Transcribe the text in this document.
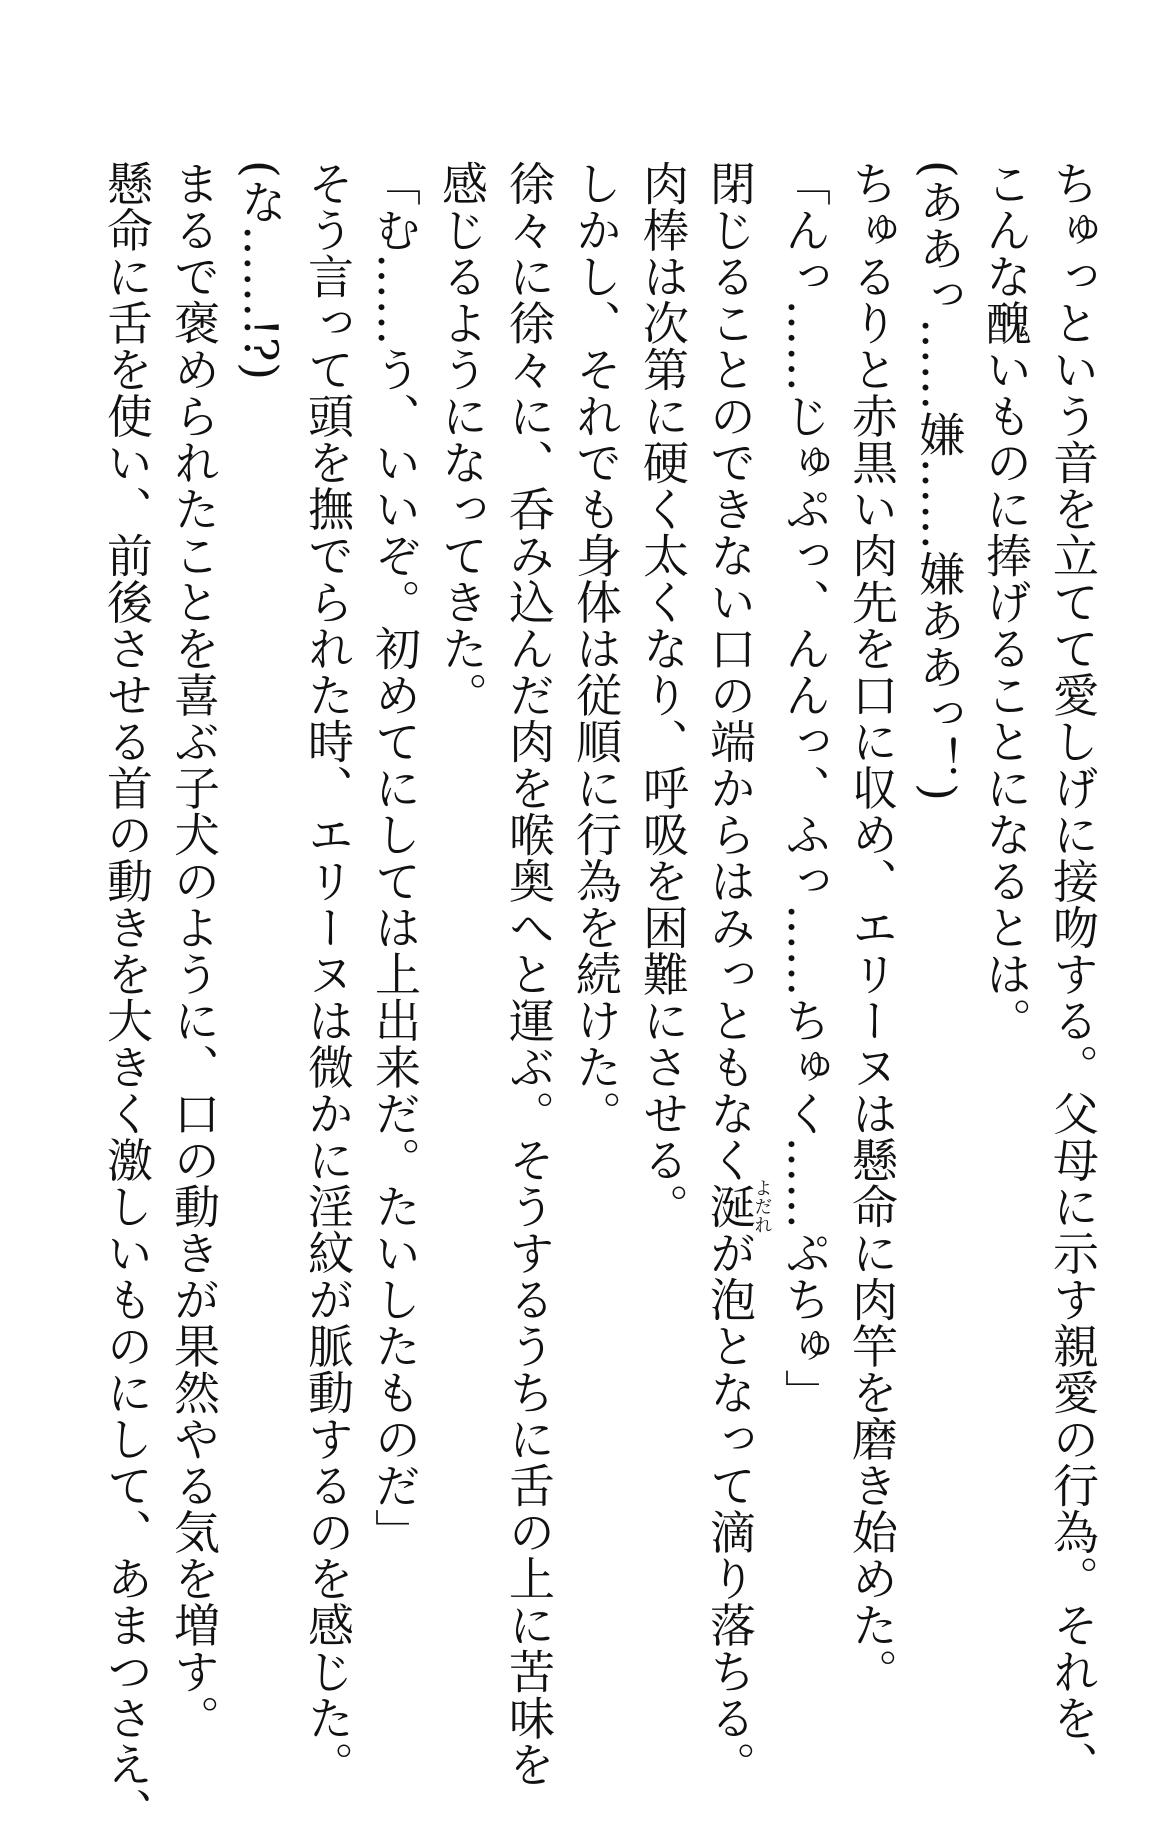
ちゅっという音を立てて愛しげに接吻する。父母に示す親愛の行為。それを、
こんな醜いものに捧げることになるとは。
(ああっ……嫌……嫌ああっ！)
ちゅるりと赤黒い肉先を口に収め、エリーヌは懸命に肉竿を磨き始めた。
「んっ……じゅぷっ、んんっ、ふっ……ちゅく……ぷちゅ」
閉じることのできない口の端からはみっともなく涎よだれが泡となって滴り落ちる。
肉棒は次第に硬く太くなり、呼吸を困難にさせる。
しかし、それでも身体は従順に行為を続けた。
徐々に徐々に、呑み込んだ肉を喉奥へと運ぶ。そうするうちに舌の上に苦味を
感じるようになってきた。
「む……う、いいぞ。初めてにしては上出来だ。たいしたものだ」
そう言って頭を撫でられた時、エリーヌは微かに淫紋が脈動するのを感じた。
(な……!?)
まるで褒められたことを喜ぶ子犬のように、口の動きが果然やる気を増す。
懸命に舌を使い、前後させる首の動きを大きく激しいものにして、あまつさえ、
